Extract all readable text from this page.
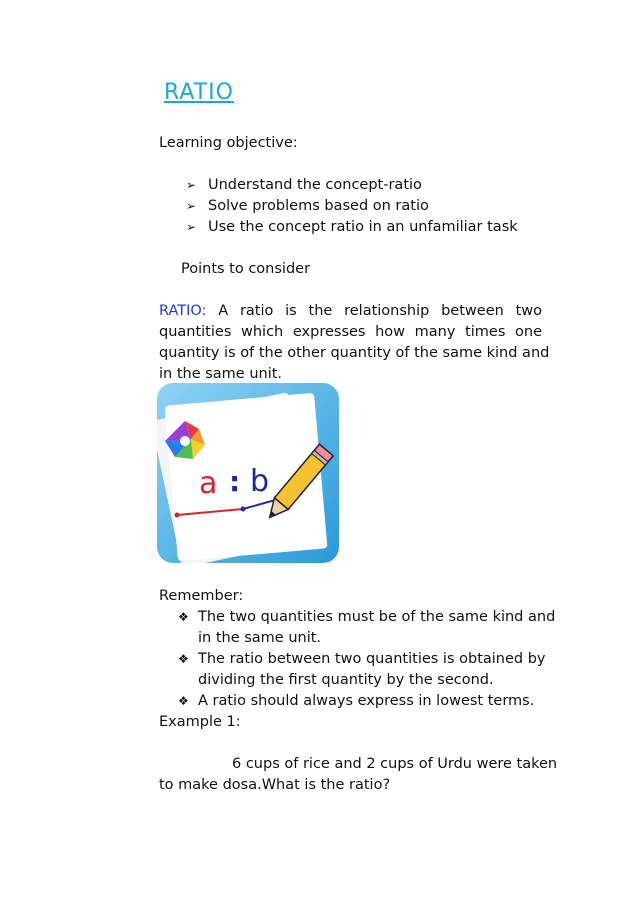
RATIO
Learning objective:
➢ Understand the concept-ratio
➢ Solve problems based on ratio
➢ Use the concept ratio in an unfamiliar task
Points to consider
RATIO: A ratio is the relationship between two
quantities which expresses how many times one
quantity is of the other quantity of the same kind and
in the same unit.
a : b
Remember:
❖ The two quantities must be of the same kind and
in the same unit.
❖ The ratio between two quantities is obtained by
dividing the first quantity by the second.
❖ A ratio should always express in lowest terms.
Example 1:
6 cups of rice and 2 cups of Urdu were taken
to make dosa.What is the ratio?
